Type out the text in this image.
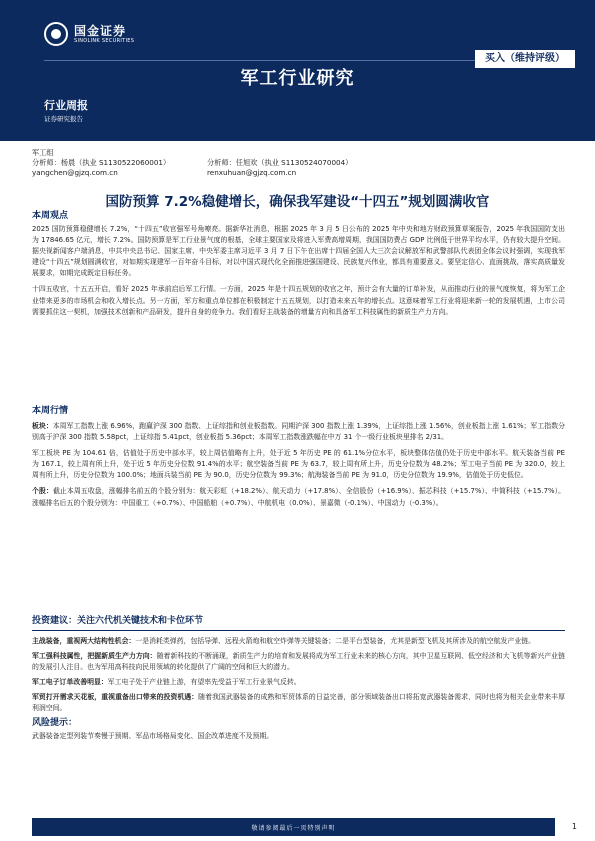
国金证券
SINOLINK SECURITIES
买入（维持评级）
军工行业研究
行业周报
证券研究报告
军工组
分析师：杨晨（执业 S1130522060001）	分析师：任旭欢（执业 S1130524070004）
yangchen@gjzq.com.cn	renxuhuan@gjzq.com.cn
国防预算 7.2%稳健增长，确保我军建设“十四五”规划圆满收官
本周观点

2025 国防预算稳健增长 7.2%，“十四五”收官强军号角嘹亮。据新华社消息，根据 2025 年 3 月 5 日公布的 2025 年中央和地方财政预算草案报告，2025 年我国国防支出为 17846.65 亿元，增长 7.2%。国防预算是军工行业景气度的根基，全球主要国家及将进入军费高增周期，我国国防费占 GDP 比例低于世界平均水平，仍有较大提升空间。据央视新闻客户端消息，中共中央总书记、国家主席、中央军委主席习近平 3 月 7 日下午在出席十四届全国人大三次会议解放军和武警部队代表团全体会议时强调，实现我军建设“十四五”规划圆满收官，对如期实现建军一百年奋斗目标，对以中国式现代化全面推进强国建设、民族复兴伟业，都具有重要意义。要坚定信心、直面挑战，落实高质量发展要求，如期完成既定目标任务。

十四五收官，十五五开启，看好 2025 年承前启后军工行情。一方面，2025 年是十四五规划的收官之年，预计会有大量的订单补发，从而推动行业的景气度恢复，将为军工企业带来更多的市场机会和收入增长点。另一方面，军方和重点单位都在积极制定十五五规划，以打造未来五年的增长点。这意味着军工行业将迎来新一轮的发展机遇，上市公司需要抓住这一契机，加强技术创新和产品研发，提升自身的竞争力。我们看好主战装备的增量方向和具备军工科技属性的新质生产力方向。

本周行情

板块：本周军工指数上涨 6.96%，跑赢沪深 300 指数、上证综指和创业板指数。同期沪深 300 指数上涨 1.39%，上证综指上涨 1.56%，创业板指上涨 1.61%；军工指数分别高于沪深 300 指数 5.58pct，上证综指 5.41pct，创业板指 5.36pct；本周军工指数涨跌幅在中万 31 个一级行业板块里排名 2/31。

军工板块 PE 为 104.61 倍，估值处于历史中部水平，较上周估值略有上升，处于近 5 年历史 PE 的 61.1%分位水平，板块整体估值仍处于历史中部水平。航天装备当前 PE 为 167.1，较上周有所上升，处于近 5 年历史分位数 91.4%的水平；航空装备当前 PE 为 63.7，较上周有所上升，历史分位数为 48.2%；军工电子当前 PE 为 320.0，较上周有所上升，历史分位数为 100.0%；地面兵装当前 PE 为 90.0，历史分位数为 99.3%；航海装备当前 PE 为 91.0，历史分位数为 19.9%，估值处于历史低位。

个股：截止本周五收盘，涨幅排名前五的个股分别为：航天彩虹（+18.2%）、航天动力（+17.8%）、全信股份（+16.9%）、振芯科技（+15.7%）、中简科技（+15.7%）。涨幅排名后五的个股分别为：中国重工（+0.7%）、中国船舶（+0.7%）、中航机电（0.0%）、景嘉微（-0.1%）、中国动力（-0.3%）。

投资建议：关注六代机关键技术和卡位环节

主战装备，重视两大结构性机会：一是消耗类弹药，包括导弹、远程火箭炮和航空炸弹等关键装备；二是平台型装备，尤其是新型飞机及其所涉及的航空航发产业链。

军工强科技属性，把握新质生产力方向：随着新科技的不断涌现，新质生产力的培育和发展将成为军工行业未来的核心方向，其中卫星互联网、低空经济和大飞机等新兴产业链的发展引人注目。也为军用高科技向民用领域的转化提供了广阔的空间和巨大的潜力。

军工电子订单改善明显：军工电子处于产业链上游，有望率先受益于军工行业景气反转。

军贸打开需求天花板，重视重备出口带来的投资机遇：随着我国武器装备的成熟和军贸体系的日益完善，部分领域装备出口将拓宽武器装备需求，同时也将为相关企业带来丰厚利润空间。

风险提示：

武器装备定型列装节奏慢于预期、军品市场格局变化、国企改革进度不及预期。

敬请参阅最后一页特别声明	1
